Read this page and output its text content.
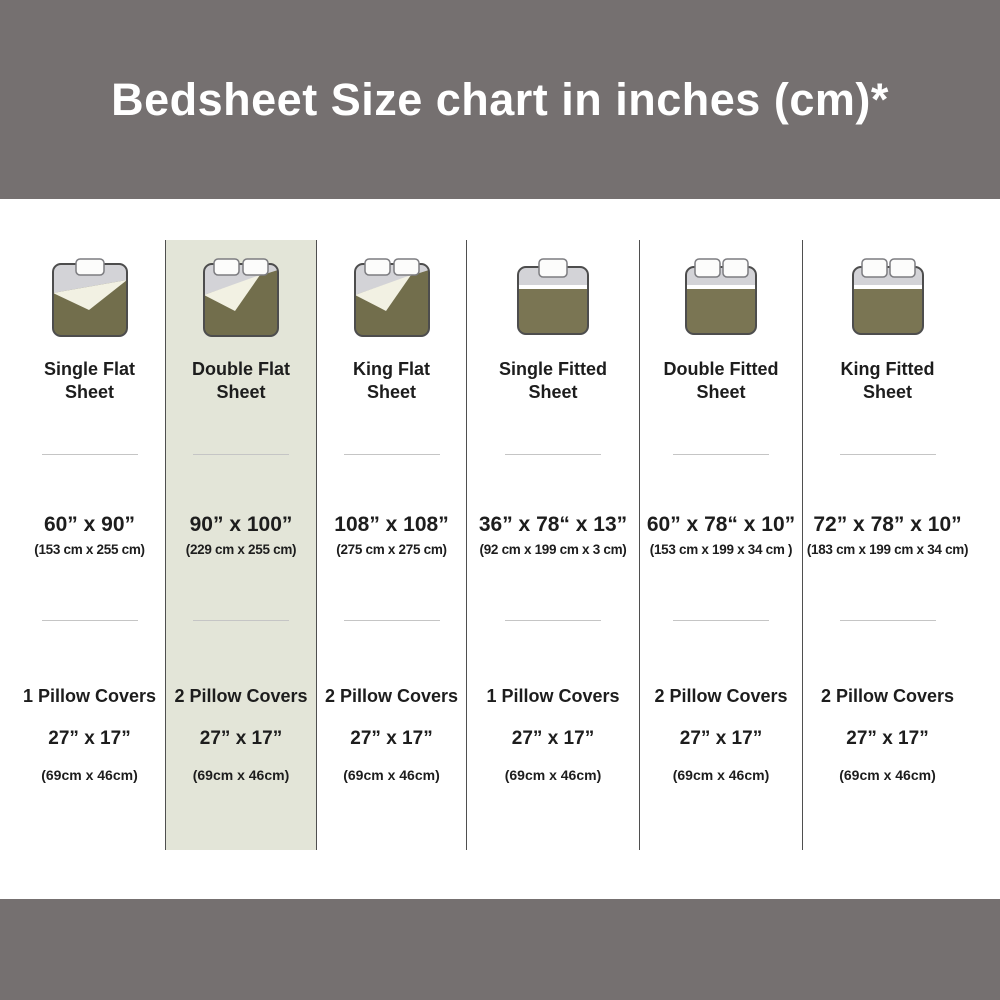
Bedsheet Size chart in inches (cm)*
Single Flat
Sheet
60” x 90”
(153 cm x 255 cm)
1 Pillow Covers
27” x 17”
(69cm x 46cm)
Double Flat
Sheet
90” x 100”
(229 cm x 255 cm)
2 Pillow Covers
27” x 17”
(69cm x 46cm)
King Flat
Sheet
108” x 108”
(275 cm x 275 cm)
2 Pillow Covers
27” x 17”
(69cm x 46cm)
Single Fitted
Sheet
36” x 78“ x 13”
(92 cm x 199 cm x 3 cm)
1 Pillow Covers
27” x 17”
(69cm x 46cm)
Double Fitted
Sheet
60” x 78“ x 10”
(153 cm x 199 x 34 cm )
2 Pillow Covers
27” x 17”
(69cm x 46cm)
King Fitted
Sheet
72” x 78” x 10”
(183 cm x 199 cm x 34 cm)
2 Pillow Covers
27” x 17”
(69cm x 46cm)
